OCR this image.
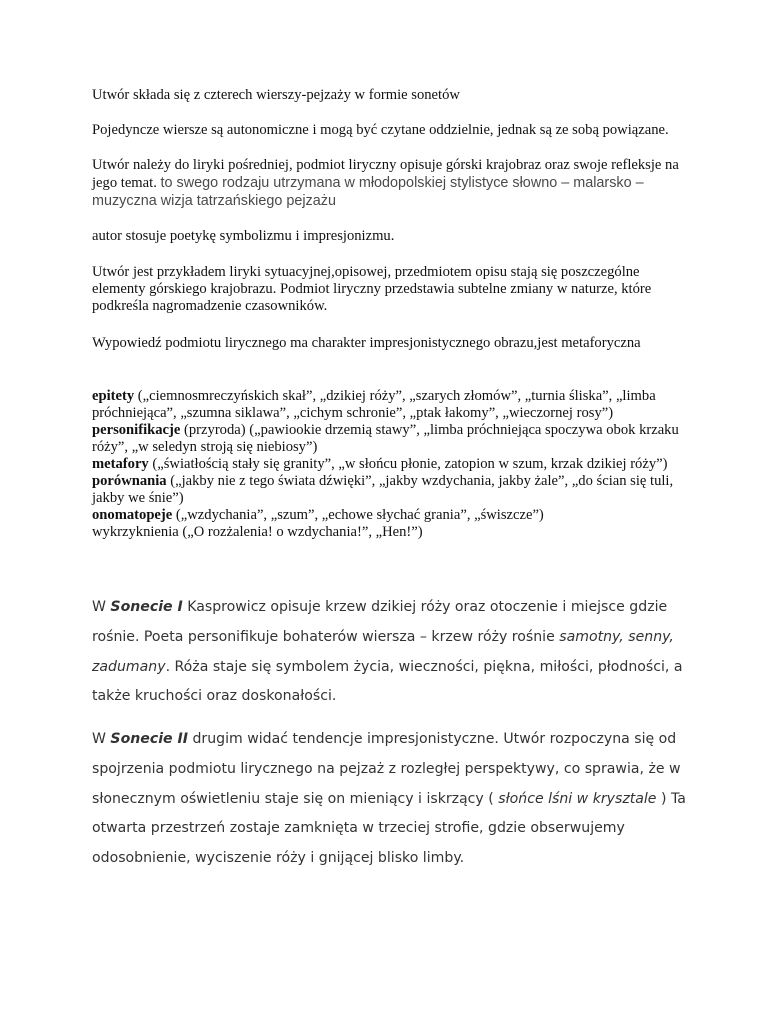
Utwór składa się z czterech wierszy-pejzaży w formie sonetów

Pojedyncze wiersze są autonomiczne i mogą być czytane oddzielnie, jednak są ze sobą powiązane.

Utwór należy do liryki pośredniej, podmiot liryczny opisuje górski krajobraz oraz swoje refleksje na jego temat. to swego rodzaju utrzymana w młodopolskiej stylistyce słowno – malarsko – muzyczna wizja tatrzańskiego pejzażu

autor stosuje poetykę symbolizmu i impresjonizmu.

Utwór jest przykładem liryki sytuacyjnej,opisowej, przedmiotem opisu stają się poszczególne elementy górskiego krajobrazu. Podmiot liryczny przedstawia subtelne zmiany w naturze, które podkreśla nagromadzenie czasowników.

Wypowiedź podmiotu lirycznego ma charakter impresjonistycznego obrazu,jest metaforyczna

epitety („ciemnosmreczyńskich skał”, „dzikiej róży”, „szarych złomów”, „turnia śliska”, „limba próchniejąca”, „szumna siklawa”, „cichym schronie”, „ptak łakomy”, „wieczornej rosy”)
personifikacje (przyroda) („pawiookie drzemią stawy”, „limba próchniejąca spoczywa obok krzaku róży”, „w seledyn stroją się niebiosy”)
metafory („światłością stały się granity”, „w słońcu płonie, zatopion w szum, krzak dzikiej róży”)
porównania („jakby nie z tego świata dźwięki”, „jakby wzdychania, jakby żale”, „do ścian się tuli, jakby we śnie”)
onomatopeje („wzdychania”, „szum”, „echowe słychać grania”, „świszcze”)
wykrzyknienia („O rozżalenia! o wzdychania!”, „Hen!”)

W Sonecie I Kasprowicz opisuje krzew dzikiej róży oraz otoczenie i miejsce gdzie rośnie. Poeta personifikuje bohaterów wiersza – krzew róży rośnie samotny, senny, zadumany. Róża staje się symbolem życia, wieczności, piękna, miłości, płodności, a także kruchości oraz doskonałości.

W Sonecie II drugim widać tendencje impresjonistyczne. Utwór rozpoczyna się od spojrzenia podmiotu lirycznego na pejzaż z rozległej perspektywy, co sprawia, że w słonecznym oświetleniu staje się on mieniący i iskrzący ( słońce lśni w krysztale ) Ta otwarta przestrzeń zostaje zamknięta w trzeciej strofie, gdzie obserwujemy odosobnienie, wyciszenie róży i gnijącej blisko limby.
